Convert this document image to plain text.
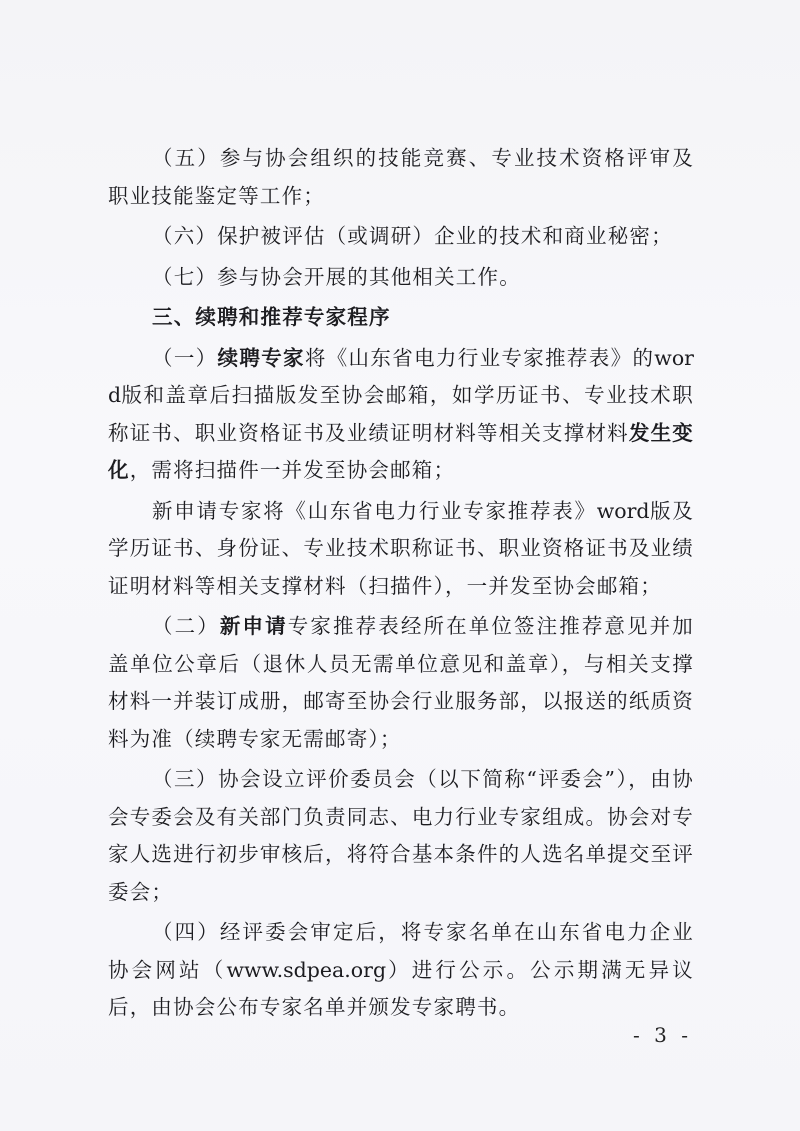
（五）参与协会组织的技能竞赛、专业技术资格评审及职业技能鉴定等工作；

（六）保护被评估（或调研）企业的技术和商业秘密；

（七）参与协会开展的其他相关工作。

三、续聘和推荐专家程序

（一）续聘专家将《山东省电力行业专家推荐表》的word版和盖章后扫描版发至协会邮箱，如学历证书、专业技术职称证书、职业资格证书及业绩证明材料等相关支撑材料发生变化，需将扫描件一并发至协会邮箱；

新申请专家将《山东省电力行业专家推荐表》word版及学历证书、身份证、专业技术职称证书、职业资格证书及业绩证明材料等相关支撑材料（扫描件），一并发至协会邮箱；

（二）新申请专家推荐表经所在单位签注推荐意见并加盖单位公章后（退休人员无需单位意见和盖章），与相关支撑材料一并装订成册，邮寄至协会行业服务部，以报送的纸质资料为准（续聘专家无需邮寄）；

（三）协会设立评价委员会（以下简称“评委会”），由协会专委会及有关部门负责同志、电力行业专家组成。协会对专家人选进行初步审核后，将符合基本条件的人选名单提交至评委会；

（四）经评委会审定后，将专家名单在山东省电力企业协会网站（www.sdpea.org）进行公示。公示期满无异议后，由协会公布专家名单并颁发专家聘书。

- 3 -
